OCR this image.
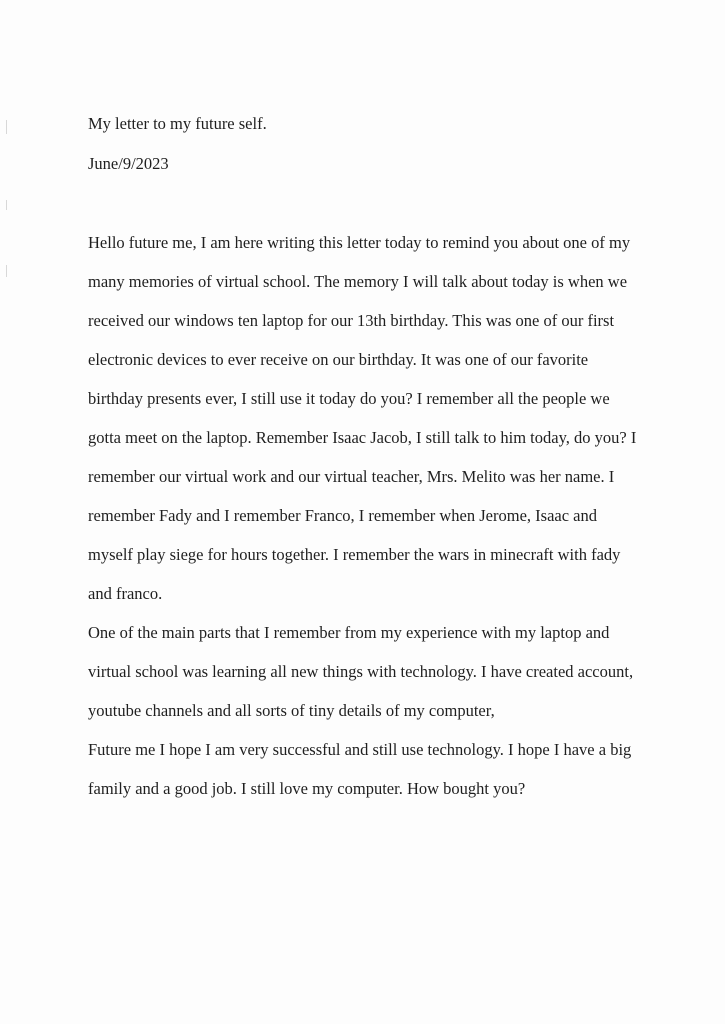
My letter to my future self.
June/9/2023
Hello future me, I am here writing this letter today to remind you about one of my
many memories of virtual school. The memory I will talk about today is when we
received our windows ten laptop for our 13th birthday. This was one of our first
electronic devices to ever receive on our birthday. It was one of our favorite
birthday presents ever, I still use it today do you? I remember all the people we
gotta meet on the laptop. Remember Isaac Jacob, I still talk to him today, do you? I
remember our virtual work and our virtual teacher, Mrs. Melito was her name. I
remember Fady and I remember Franco, I remember when Jerome, Isaac and
myself play siege for hours together. I remember the wars in minecraft with fady
and franco.
One of the main parts that I remember from my experience with my laptop and
virtual school was learning all new things with technology. I have created account,
youtube channels and all sorts of tiny details of my computer,
Future me I hope I am very successful and still use technology. I hope I have a big
family and a good job. I still love my computer. How bought you?
